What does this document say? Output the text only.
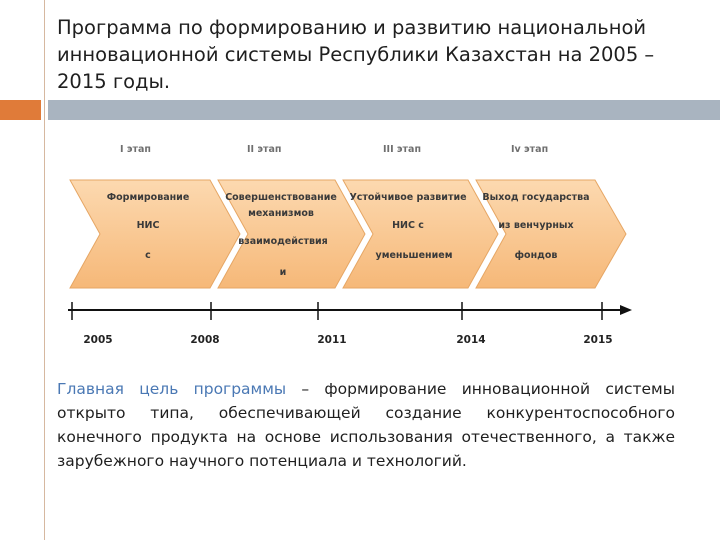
Программа по формированию и развитию национальной инновационной системы Республики Казахстан на 2005 – 2015 годы.
I этап	II этап	III этап	Iv этап
Формирование
НИС
с
Совершенствование
механизмов
взаимодействия
и
Устойчивое развитие
НИС с
уменьшением
Выход государства
из венчурных
фондов
2005	2008	2011	2014	2015

Главная цель программы – формирование инновационной системы открыто типа, обеспечивающей создание конкурентоспособного конечного продукта на основе использования отечественного, а также зарубежного научного потенциала и технологий.
